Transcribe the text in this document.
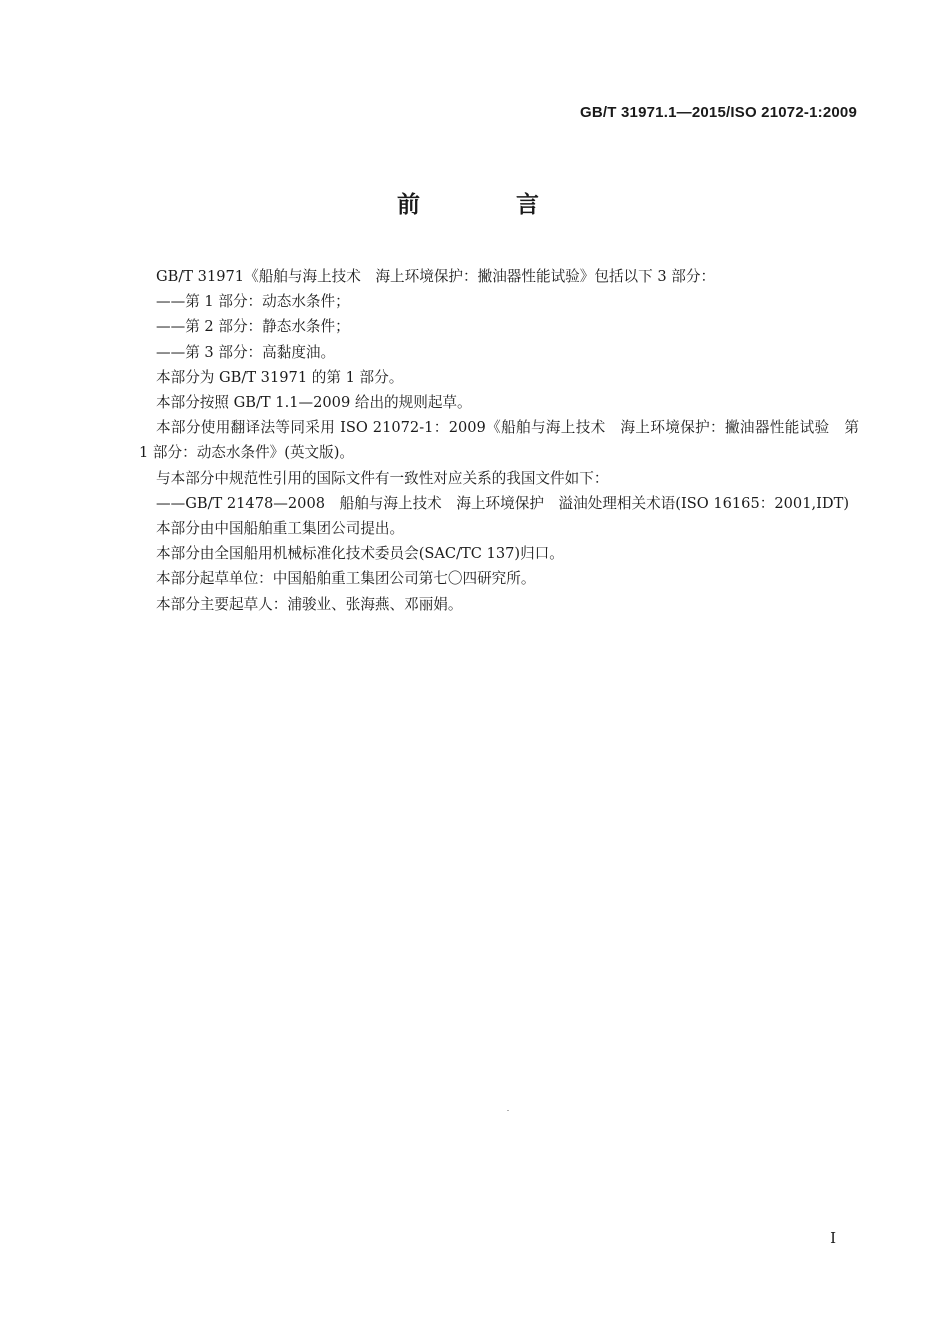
GB/T 31971.1—2015/ISO 21072-1:2009
前 言

GB/T 31971《船舶与海上技术　海上环境保护：撇油器性能试验》包括以下 3 部分：

——第 1 部分：动态水条件；

——第 2 部分：静态水条件；

——第 3 部分：高黏度油。

本部分为 GB/T 31971 的第 1 部分。

本部分按照 GB/T 1.1—2009 给出的规则起草。

本部分使用翻译法等同采用 ISO 21072-1：2009《船舶与海上技术　海上环境保护：撇油器性能试验　第 1 部分：动态水条件》(英文版)。

与本部分中规范性引用的国际文件有一致性对应关系的我国文件如下：

——GB/T 21478—2008　船舶与海上技术　海上环境保护　溢油处理相关术语(ISO 16165：2001,IDT)

本部分由中国船舶重工集团公司提出。

本部分由全国船用机械标准化技术委员会(SAC/TC 137)归口。

本部分起草单位：中国船舶重工集团公司第七〇四研究所。

本部分主要起草人：浦骏业、张海燕、邓丽娟。

I
